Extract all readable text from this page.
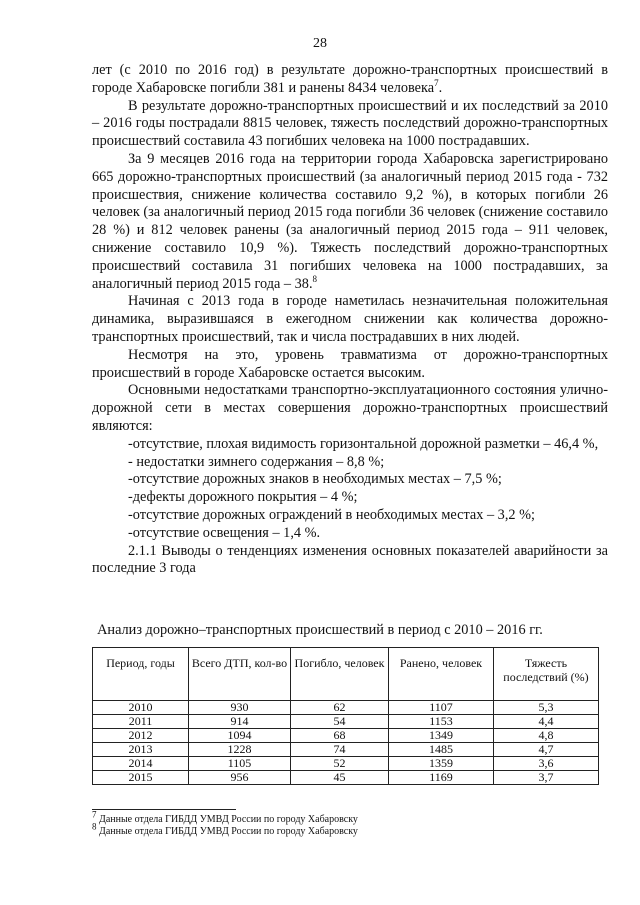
28

лет (с 2010 по 2016 год) в результате дорожно-транспортных происшествий в городе Хабаровске погибли 381 и ранены 8434 человека$^7$.

В результате дорожно-транспортных происшествий и их последствий за 2010 – 2016 годы пострадали 8815 человек, тяжесть последствий дорожно-транспортных происшествий составила 43 погибших человека на 1000 пострадавших.

За 9 месяцев 2016 года на территории города Хабаровска зарегистрировано 665 дорожно-транспортных происшествий (за аналогичный период 2015 года - 732 происшествия, снижение количества составило 9,2 %), в которых погибли 26 человек (за аналогичный период 2015 года погибли 36 человек (снижение составило 28 %) и 812 человек ранены (за аналогичный период 2015 года – 911 человек, снижение составило 10,9 %). Тяжесть последствий дорожно-транспортных происшествий составила 31 погибших человека на 1000 пострадавших, за аналогичный период 2015 года – 38.$^8$

Начиная с 2013 года в городе наметилась незначительная положительная динамика, выразившаяся в ежегодном снижении как количества дорожно-транспортных происшествий, так и числа пострадавших в них людей.

Несмотря на это, уровень травматизма от дорожно-транспортных происшествий в городе Хабаровске остается высоким.

Основными недостатками транспортно-эксплуатационного состояния улично-дорожной сети в местах совершения дорожно-транспортных происшествий являются:

-отсутствие, плохая видимость горизонтальной дорожной разметки – 46,4 %,

- недостатки зимнего содержания – 8,8 %;

-отсутствие дорожных знаков в необходимых местах – 7,5 %;

-дефекты дорожного покрытия – 4 %;

-отсутствие дорожных ограждений в необходимых местах – 3,2 %;

-отсутствие освещения – 1,4 %.

2.1.1 Выводы о тенденциях изменения основных показателей аварийности за последние 3 года

Анализ дорожно–транспортных происшествий в период с 2010 – 2016 гг.
Период, годы	Всего ДТП, кол-во	Погибло, человек	Ранено, человек	Тяжесть последствий (%)
2010	930	62	1107	5,3
2011	914	54	1153	4,4
2012	1094	68	1349	4,8
2013	1228	74	1485	4,7
2014	1105	52	1359	3,6
2015	956	45	1169	3,7
$^7$ Данные отдела ГИБДД УМВД России по городу Хабаровску
$^8$ Данные отдела ГИБДД УМВД России по городу Хабаровску
